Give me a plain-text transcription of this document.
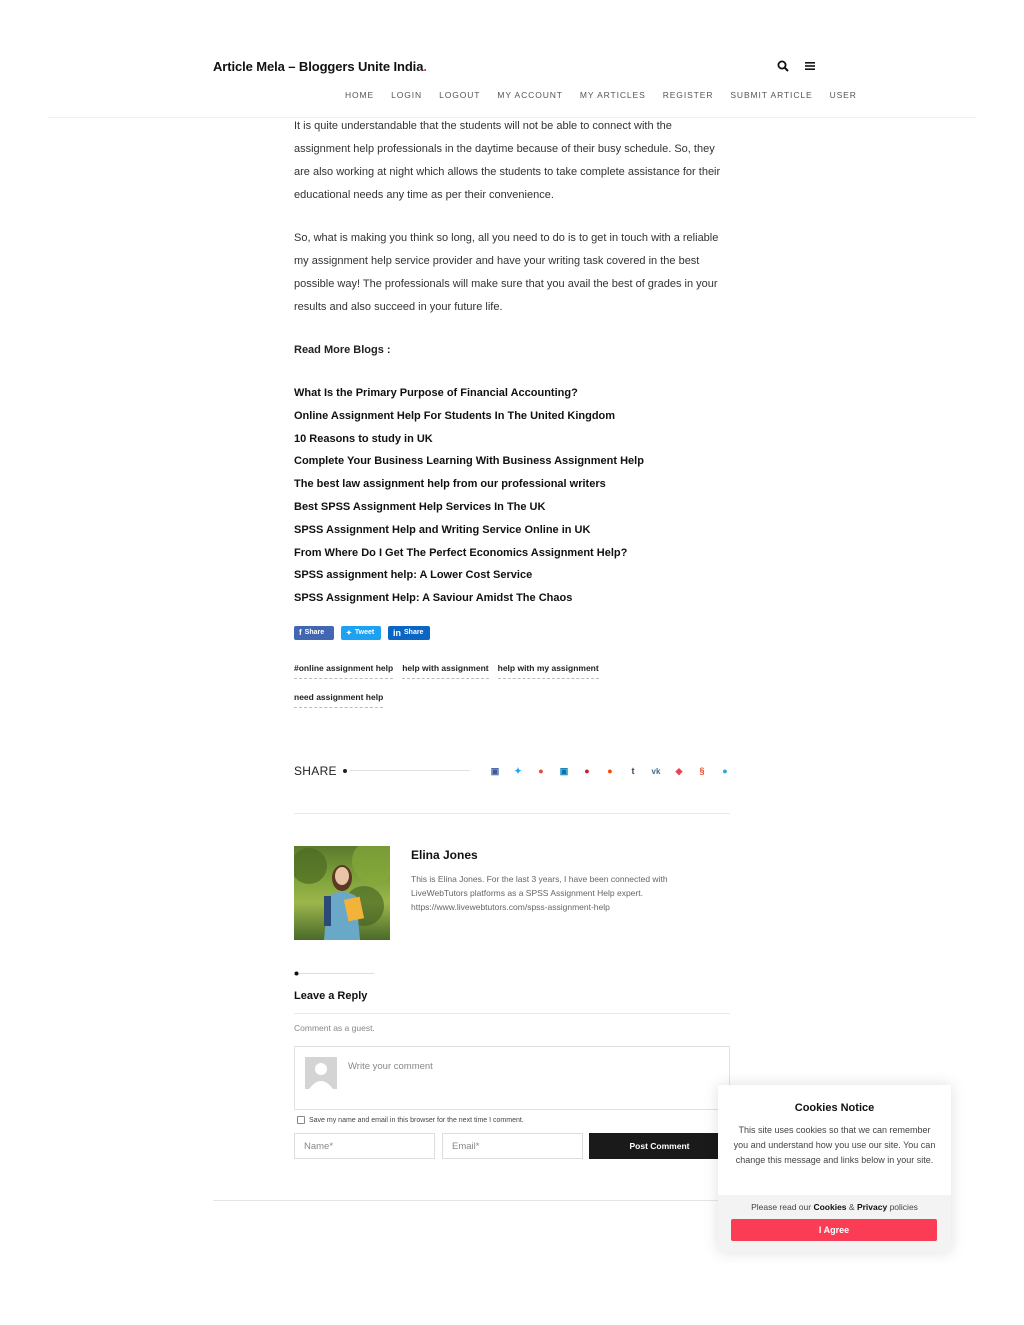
Article Mela – Bloggers Unite India.
HOME LOGIN LOGOUT MY ACCOUNT MY ARTICLES REGISTER SUBMIT ARTICLE USER

It is quite understandable that the students will not be able to connect with the assignment help professionals in the daytime because of their busy schedule. So, they are also working at night which allows the students to take complete assistance for their educational needs any time as per their convenience.

So, what is making you think so long, all you need to do is to get in touch with a reliable my assignment help service provider and have your writing task covered in the best possible way! The professionals will make sure that you avail the best of grades in your results and also succeed in your future life.

Read More Blogs :
What Is the Primary Purpose of Financial Accounting?
Online Assignment Help For Students In The United Kingdom
10 Reasons to study in UK
Complete Your Business Learning With Business Assignment Help
The best law assignment help from our professional writers
Best SPSS Assignment Help Services In The UK
SPSS Assignment Help and Writing Service Online in UK
From Where Do I Get The Perfect Economics Assignment Help?
SPSS assignment help: A Lower Cost Service
SPSS Assignment Help: A Saviour Amidst The Chaos
f Share	✦ Tweet in Share
#online assignment help help with assignment help with my assignment
need assignment help
SHARE	▣	✦	●	▣	●	●	t	vk	◆	§	●
Elina Jones
This is Elina Jones. For the last 3 years, I have been connected with LiveWebTutors platforms as a SPSS Assignment Help expert. https://www.livewebtutors.com/spss-assignment-help
Leave a Reply
Comment as a guest.
Write your comment
Save my name and email in this browser for the next time I comment.
Name*	Email*	Post Comment
Cookies Notice
This site uses cookies so that we can remember you and understand how you use our site. You can change this message and links below in your site.
Please read our Cookies & Privacy policies
I Agree
